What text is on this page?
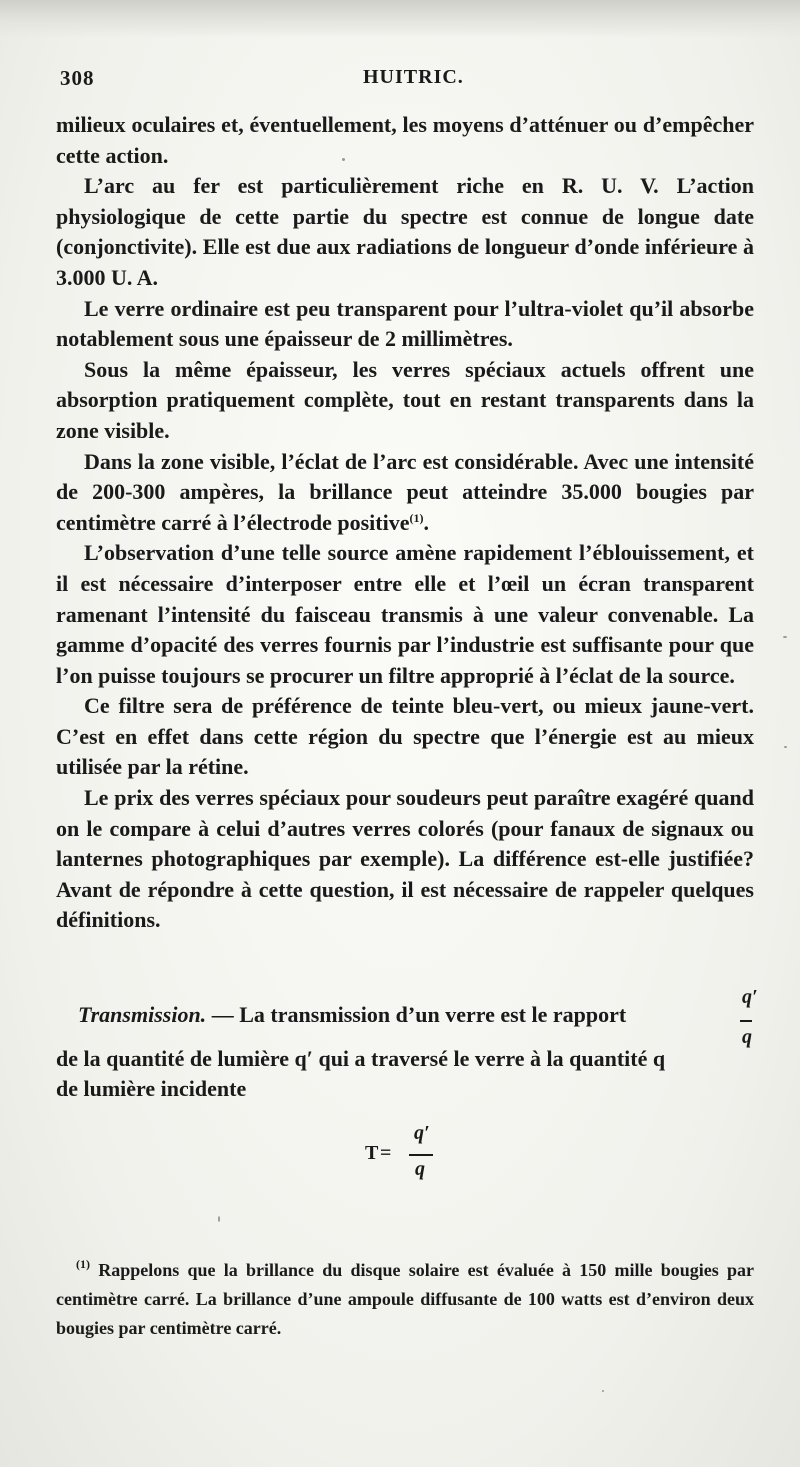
308	HUITRIC.

milieux oculaires et, éventuellement, les moyens d’atténuer ou d’empêcher cette action.

L’arc au fer est particulièrement riche en R. U. V. L’action physiologique de cette partie du spectre est connue de longue date (conjonctivite). Elle est due aux radiations de longueur d’onde inférieure à 3.000 U. A.

Le verre ordinaire est peu transparent pour l’ultra-violet qu’il absorbe notablement sous une épaisseur de 2 millimètres.

Sous la même épaisseur, les verres spéciaux actuels offrent une absorption pratiquement complète, tout en restant transparents dans la zone visible.

Dans la zone visible, l’éclat de l’arc est considérable. Avec une intensité de 200-300 ampères, la brillance peut atteindre 35.000 bougies par centimètre carré à l’électrode positive$^{(1)}$.

L’observation d’une telle source amène rapidement l’éblouissement, et il est nécessaire d’interposer entre elle et l’œil un écran transparent ramenant l’intensité du faisceau transmis à une valeur convenable. La gamme d’opacité des verres fournis par l’industrie est suffisante pour que l’on puisse toujours se procurer un filtre approprié à l’éclat de la source.

Ce filtre sera de préférence de teinte bleu-vert, ou mieux jaune-vert. C’est en effet dans cette région du spectre que l’énergie est au mieux utilisée par la rétine.

Le prix des verres spéciaux pour soudeurs peut paraître exagéré quand on le compare à celui d’autres verres colorés (pour fanaux de signaux ou lanternes photographiques par exemple). La différence est-elle justifiée? Avant de répondre à cette question, il est nécessaire de rappeler quelques définitions.

Transmission. — La transmission d’un verre est le rapport
q′
q
de la quantité de lumière q′ qui a traversé le verre à la quantité q
de lumière incidente
T =
q′
q

$^{(1)}$ Rappelons que la brillance du disque solaire est évaluée à 150 mille bougies par centimètre carré. La brillance d’une ampoule diffusante de 100 watts est d’environ deux bougies par centimètre carré.
